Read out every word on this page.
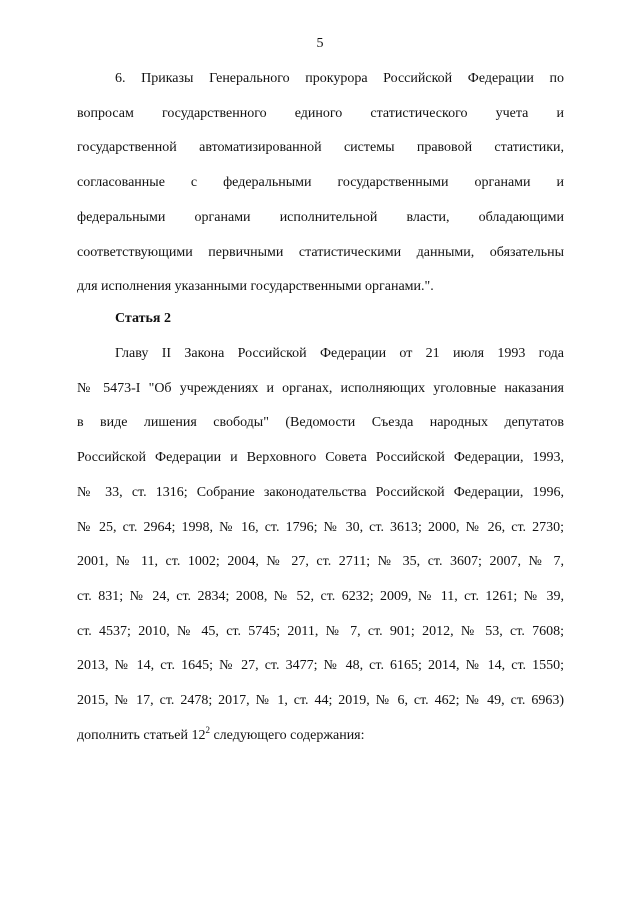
5
6. Приказы Генерального прокурора Российской Федерации по
вопросам государственного единого статистического учета и
государственной автоматизированной системы правовой статистики,
согласованные с федеральными государственными органами и
федеральными органами исполнительной власти, обладающими
соответствующими первичными статистическими данными, обязательны
для исполнения указанными государственными органами.".
Статья 2
Главу II Закона Российской Федерации от 21 июля 1993 года
№ 5473-I "Об учреждениях и органах, исполняющих уголовные наказания
в виде лишения свободы" (Ведомости Съезда народных депутатов
Российской Федерации и Верховного Совета Российской Федерации, 1993,
№ 33, ст. 1316; Собрание законодательства Российской Федерации, 1996,
№ 25, ст. 2964; 1998, № 16, ст. 1796; № 30, ст. 3613; 2000, № 26, ст. 2730;
2001, № 11, ст. 1002; 2004, № 27, ст. 2711; № 35, ст. 3607; 2007, № 7,
ст. 831; № 24, ст. 2834; 2008, № 52, ст. 6232; 2009, № 11, ст. 1261; № 39,
ст. 4537; 2010, № 45, ст. 5745; 2011, № 7, ст. 901; 2012, № 53, ст. 7608;
2013, № 14, ст. 1645; № 27, ст. 3477; № 48, ст. 6165; 2014, № 14, ст. 1550;
2015, № 17, ст. 2478; 2017, № 1, ст. 44; 2019, № 6, ст. 462; № 49, ст. 6963)
дополнить статьей $12^2$ следующего содержания:
